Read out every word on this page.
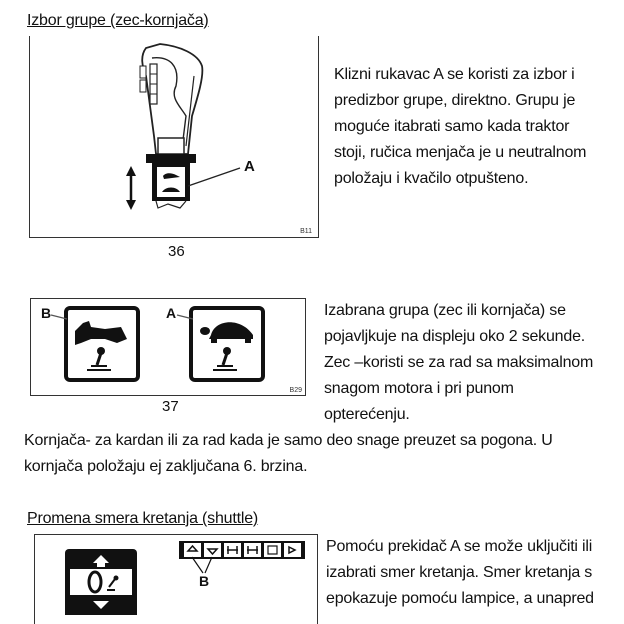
Izbor grupe (zec-kornjača)
A
B11
36
Klizni rukavac A se koristi za izbor i
predizbor grupe, direktno. Grupu je
moguće itabrati samo kada traktor
stoji, ručica menjača je u neutralnom
položaju i kvačilo otpušteno.
B	A
B29
37
Izabrana grupa (zec ili kornjača) se
pojavljkuje na displeju oko 2 sekunde.
Zec –koristi se za rad sa maksimalnom
snagom motora i pri punom
opterećenju.
Kornjača- za kardan ili za rad kada je samo deo snage preuzet sa pogona. U
kornjača položaju ej zaključana 6. brzina.
Promena smera kretanja (shuttle)
B
Pomoću prekidač A se može uključiti ili
izabrati smer kretanja. Smer kretanja s
epokazuje pomoću lampice, a unapred
